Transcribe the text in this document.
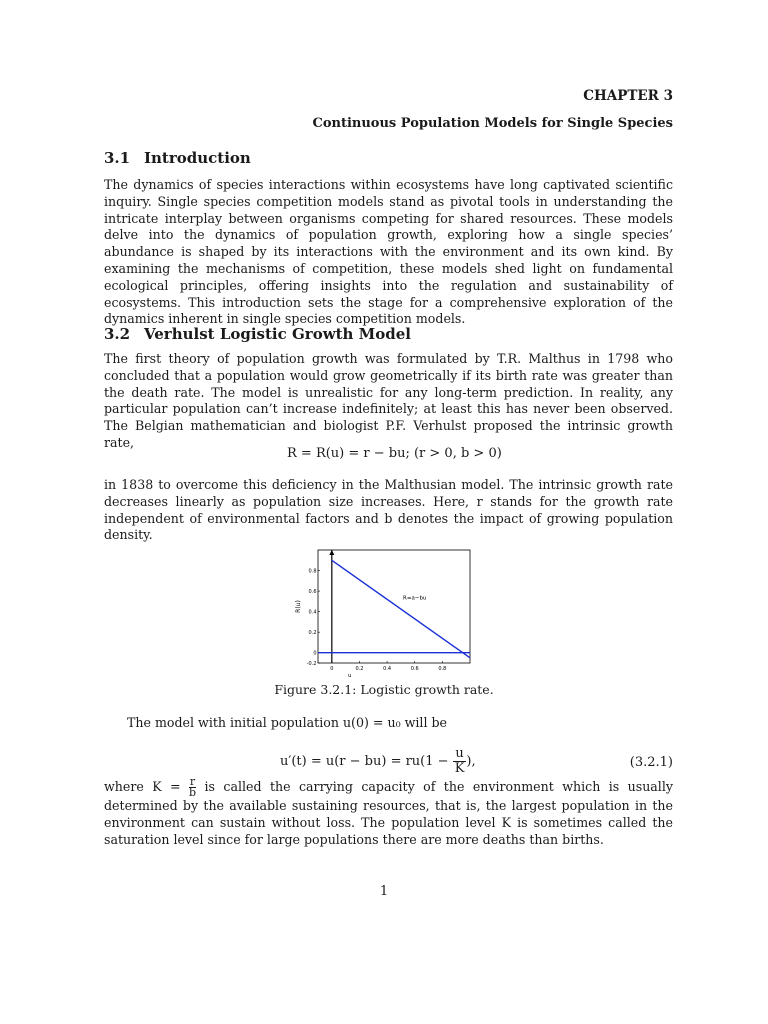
CHAPTER 3
Continuous Population Models for Single Species
3.1 Introduction

The dynamics of species interactions within ecosystems have long captivated scientific inquiry. Single species competition models stand as pivotal tools in understanding the intricate interplay between organisms competing for shared resources. These models delve into the dynamics of population growth, exploring how a single species’ abundance is shaped by its interactions with the environment and its own kind. By examining the mechanisms of competition, these models shed light on fundamental ecological principles, offering insights into the regulation and sustainability of ecosystems. This introduction sets the stage for a comprehensive exploration of the dynamics inherent in single species competition models.

3.2 Verhulst Logistic Growth Model

The first theory of population growth was formulated by T.R. Malthus in 1798 who concluded that a population would grow geometrically if its birth rate was greater than the death rate. The model is unrealistic for any long-term prediction. In reality, any particular population can’t increase indefinitely; at least this has never been observed. The Belgian mathematician and biologist P.F. Verhulst proposed the intrinsic growth rate,

R = R(u) = r − bu; (r > 0, b > 0)

in 1838 to overcome this deficiency in the Malthusian model. The intrinsic growth rate decreases linearly as population size increases. Here, r stands for the growth rate independent of environmental factors and b denotes the impact of growing population density.

0	0.2	0.4	0.6	0.8
-0.2
0
0.2
0.4
0.6
0.8
u
R(u)
R=a−bu
Figure 3.2.1: Logistic growth rate.

The model with initial population u(0) = u₀ will be

$u'(t) = u(r - bu) = ru(1 - \frac{u}{K}$ ),	(3.2.1)

where $K = \frac{r}{b}$ is called the carrying capacity of the environment which is usually determined by the available sustaining resources, that is, the largest population in the environment can sustain without loss. The population level K is sometimes called the saturation level since for large populations there are more deaths than births.

1
